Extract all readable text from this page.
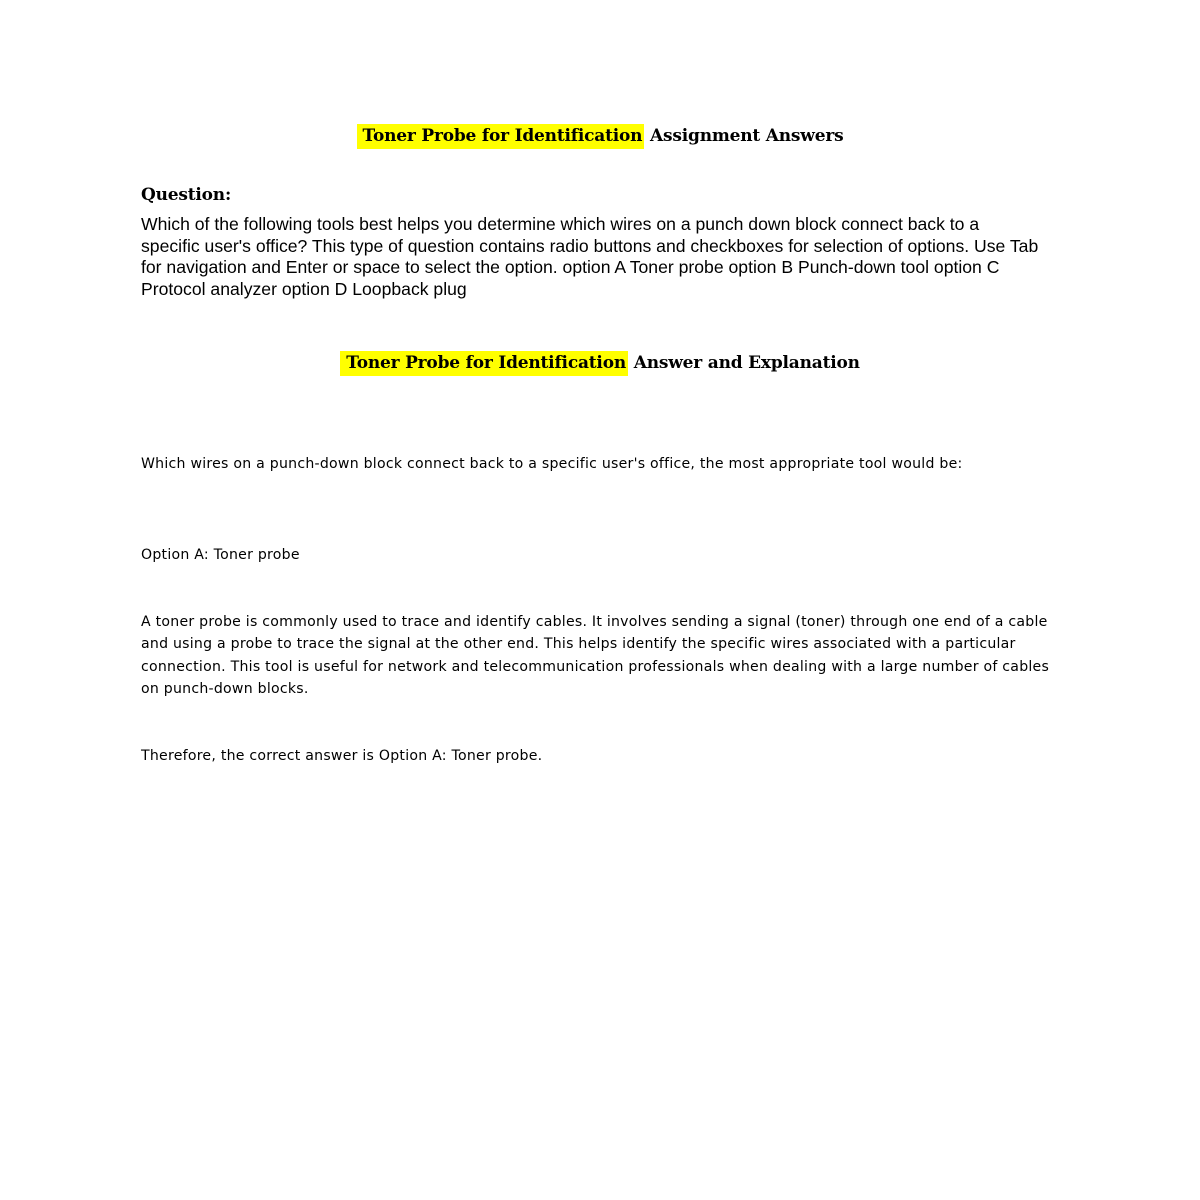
Toner Probe for Identification Assignment Answers
Question:
Which of the following tools best helps you determine which wires on a punch down block connect back to a specific user's office? This type of question contains radio buttons and checkboxes for selection of options. Use Tab for navigation and Enter or space to select the option. option A Toner probe option B Punch-down tool option C Protocol analyzer option D Loopback plug
Toner Probe for Identification Answer and Explanation
Which wires on a punch-down block connect back to a specific user's office, the most appropriate tool would be:
Option A: Toner probe
A toner probe is commonly used to trace and identify cables. It involves sending a signal (toner) through one end of a cable and using a probe to trace the signal at the other end. This helps identify the specific wires associated with a particular connection. This tool is useful for network and telecommunication professionals when dealing with a large number of cables on punch-down blocks.
Therefore, the correct answer is Option A: Toner probe.
